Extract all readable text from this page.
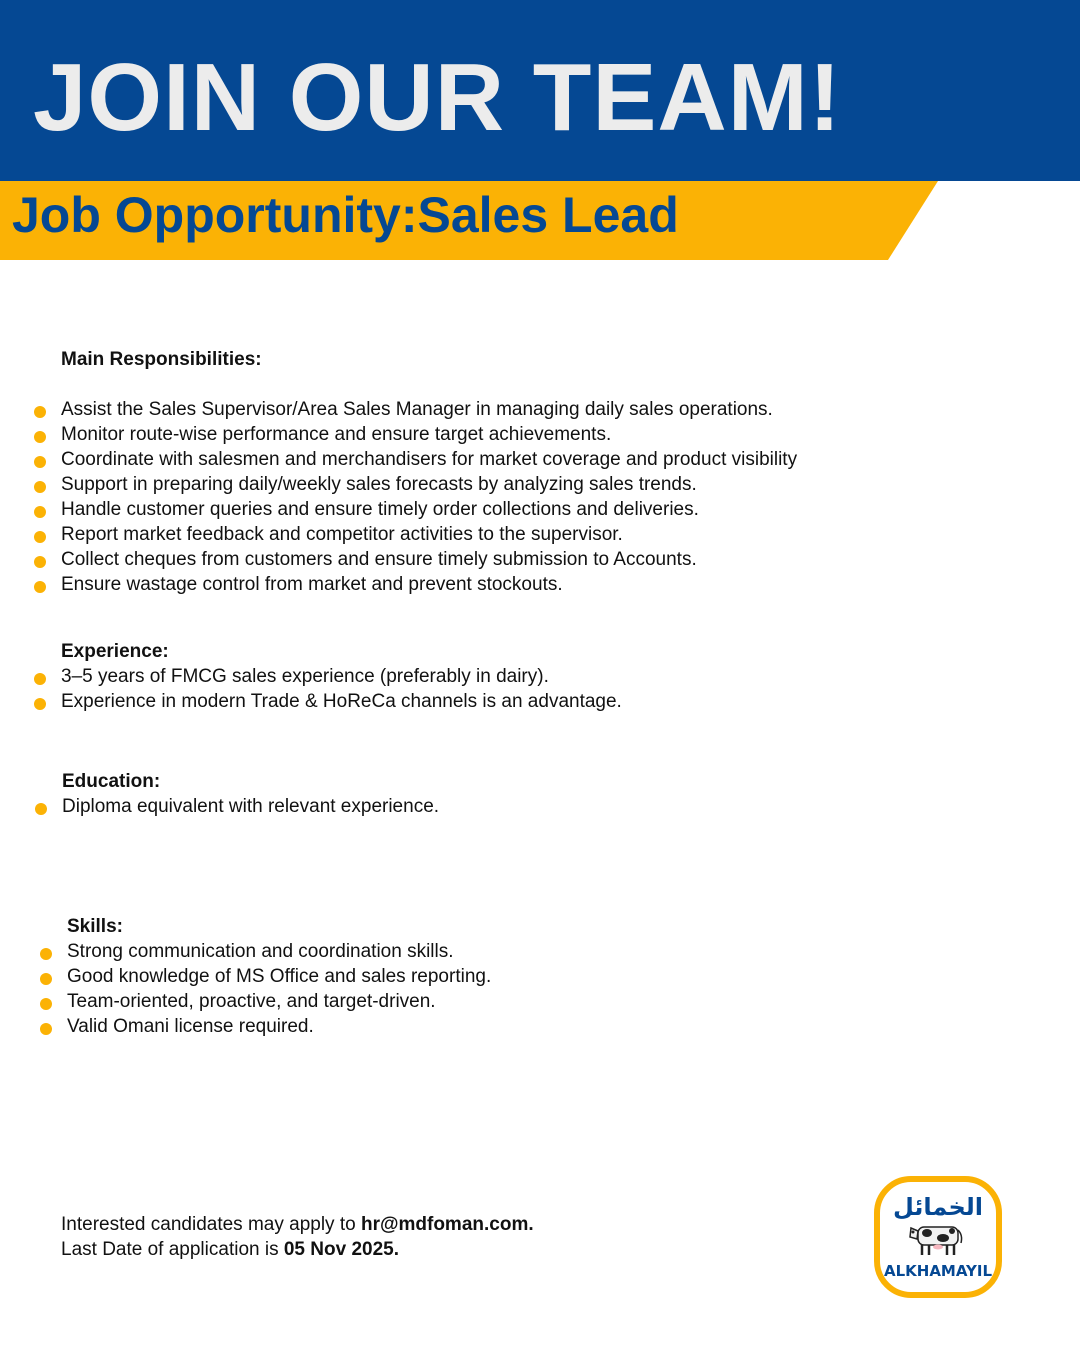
JOIN OUR TEAM!
Job Opportunity:Sales Lead
Main Responsibilities:
Assist the Sales Supervisor/Area Sales Manager in managing daily sales operations.
Monitor route-wise performance and ensure target achievements.
Coordinate with salesmen and merchandisers for market coverage and product visibility
Support in preparing daily/weekly sales forecasts by analyzing sales trends.
Handle customer queries and ensure timely order collections and deliveries.
Report market feedback and competitor activities to the supervisor.
Collect cheques from customers and ensure timely submission to Accounts.
Ensure wastage control from market and prevent stockouts.
Experience:
3–5 years of FMCG sales experience (preferably in dairy).
Experience in modern Trade & HoReCa channels is an advantage.
Education:
Diploma equivalent with relevant experience.
Skills:
Strong communication and coordination skills.
Good knowledge of MS Office and sales reporting.
Team-oriented, proactive, and target-driven.
Valid Omani license required.
Interested candidates may apply to hr@mdfoman.com.
Last Date of application is 05 Nov 2025.
الخمائل
ALKHAMAYIL
